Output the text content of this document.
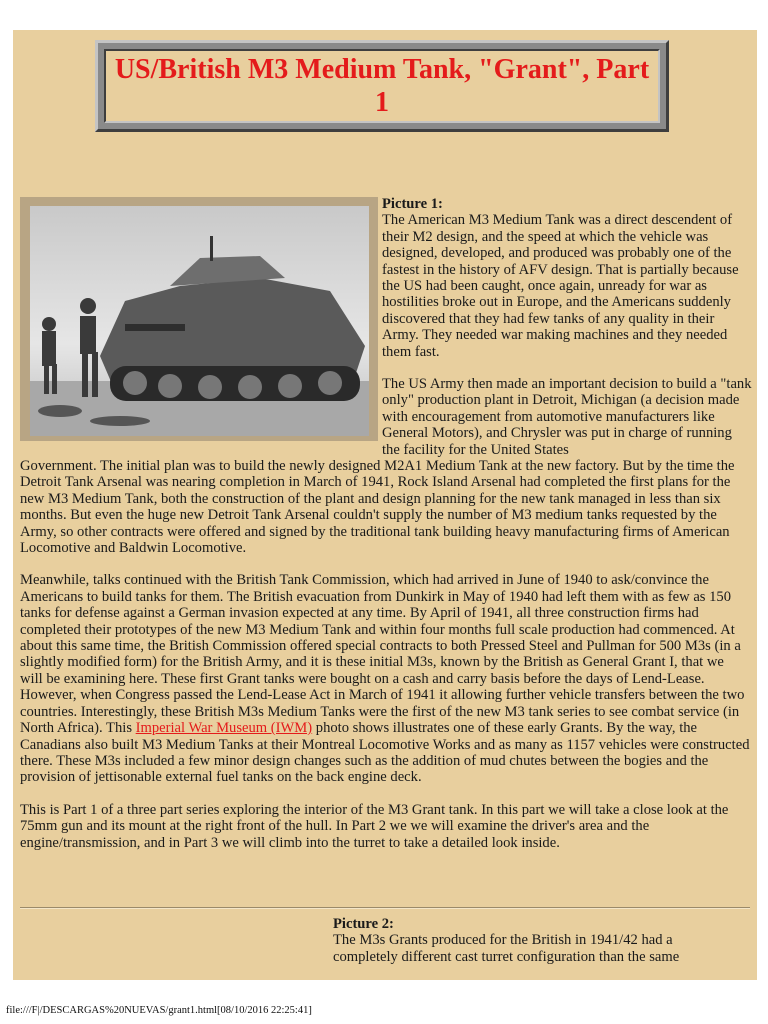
US/British M3 Medium Tank, "Grant", Part 1

Picture 1:

The American M3 Medium Tank was a direct descendent of their M2 design, and the speed at which the vehicle was designed, developed, and produced was probably one of the fastest in the history of AFV design. That is partially because the US had been caught, once again, unready for war as hostilities broke out in Europe, and the Americans suddenly discovered that they had few tanks of any quality in their Army. They needed war making machines and they needed them fast.

The US Army then made an important decision to build a "tank only" production plant in Detroit, Michigan (a decision made with encouragement from automotive manufacturers like General Motors), and Chrysler was put in charge of running the facility for the United States

Government. The initial plan was to build the newly designed M2A1 Medium Tank at the new factory. But by the time the Detroit Tank Arsenal was nearing completion in March of 1941, Rock Island Arsenal had completed the first plans for the new M3 Medium Tank, both the construction of the plant and design planning for the new tank managed in less than six months. But even the huge new Detroit Tank Arsenal couldn't supply the number of M3 medium tanks requested by the Army, so other contracts were offered and signed by the traditional tank building heavy manufacturing firms of American Locomotive and Baldwin Locomotive.

Meanwhile, talks continued with the British Tank Commission, which had arrived in June of 1940 to ask/convince the Americans to build tanks for them. The British evacuation from Dunkirk in May of 1940 had left them with as few as 150 tanks for defense against a German invasion expected at any time. By April of 1941, all three construction firms had completed their prototypes of the new M3 Medium Tank and within four months full scale production had commenced. At about this same time, the British Commission offered special contracts to both Pressed Steel and Pullman for 500 M3s (in a slightly modified form) for the British Army, and it is these initial M3s, known by the British as General Grant I, that we will be examining here. These first Grant tanks were bought on a cash and carry basis before the days of Lend-Lease. However, when Congress passed the Lend-Lease Act in March of 1941 it allowing further vehicle transfers between the two countries. Interestingly, these British M3s Medium Tanks were the first of the new M3 tank series to see combat service (in North Africa). This Imperial War Museum (IWM) photo shows illustrates one of these early Grants. By the way, the Canadians also built M3 Medium Tanks at their Montreal Locomotive Works and as many as 1157 vehicles were constructed there. These M3s included a few minor design changes such as the addition of mud chutes between the bogies and the provision of jettisonable external fuel tanks on the back engine deck.

This is Part 1 of a three part series exploring the interior of the M3 Grant tank. In this part we will take a close look at the 75mm gun and its mount at the right front of the hull. In Part 2 we we will examine the driver's area and the engine/transmission, and in Part 3 we will climb into the turret to take a detailed look inside.

Picture 2:

The M3s Grants produced for the British in 1941/42 had a completely different cast turret configuration than the same

file:///F|/DESCARGAS%20NUEVAS/grant1.html[08/10/2016 22:25:41]
